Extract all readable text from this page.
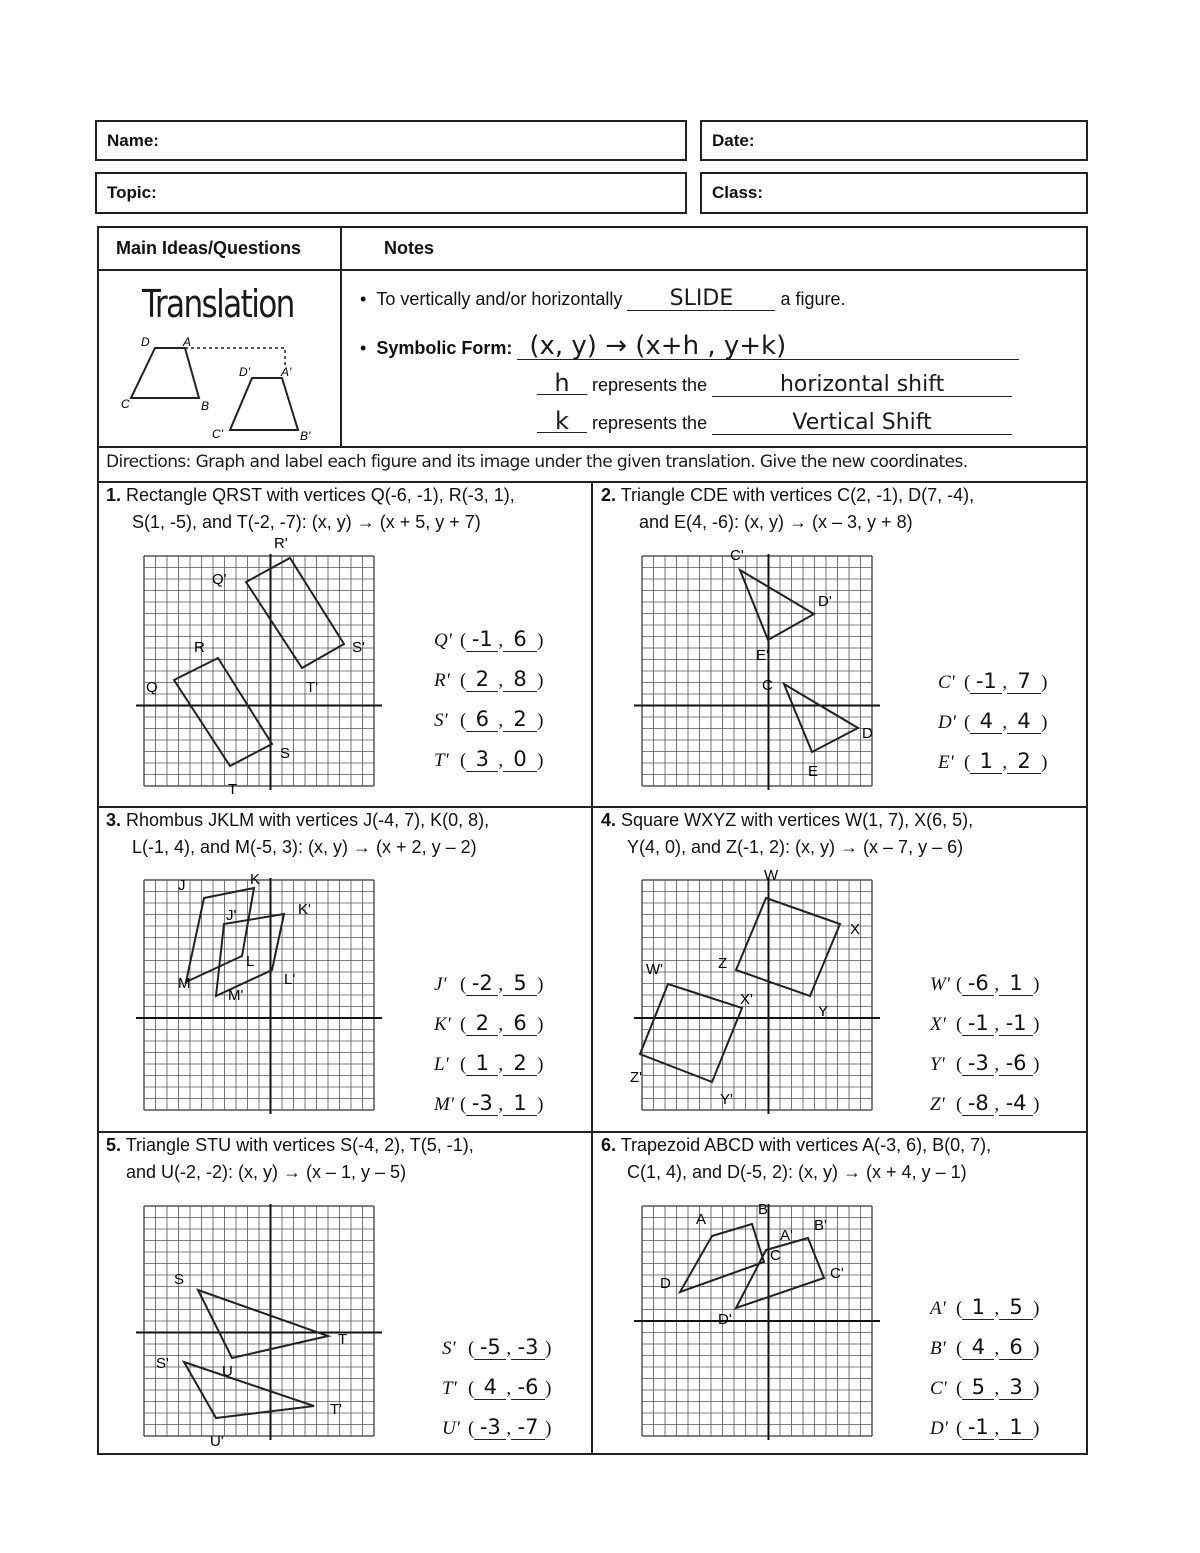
Name:	Date:
Topic:	Class:
Main Ideas/Questions	Notes
Translation
D	A
D'	A'
C	B
C'	B'
•  To vertically and/or horizontally SLIDE	a figure.
•  Symbolic Form: (x, y) → (x+h , y+k)
h represents the	horizontal shift
k represents the	Vertical Shift
Directions: Graph and label each figure and its image under the given translation. Give the new coordinates.
1. Rectangle QRST with vertices Q(-6, -1), R(-3, 1),
S(1, -5), and T(-2, -7): (x, y) → (x + 5, y + 7)
2. Triangle CDE with vertices C(2, -1), D(7, -4),
and E(4, -6): (x, y) → (x – 3, y + 8)
3. Rhombus JKLM with vertices J(-4, 7), K(0, 8),
L(-1, 4), and M(-5, 3): (x, y) → (x + 2, y – 2)
4. Square WXYZ with vertices W(1, 7), X(6, 5),
Y(4, 0), and Z(-1, 2): (x, y) → (x – 7, y – 6)
5. Triangle STU with vertices S(-4, 2), T(5, -1),
and U(-2, -2): (x, y) → (x – 1, y – 5)
6. Trapezoid ABCD with vertices A(-3, 6), B(0, 7),
C(1, 4), and D(-5, 2): (x, y) → (x + 4, y – 1)
Q
R
S
T
Q'
R'
S'
T'	C
D
E
C'
D'
E'
J	K
L
M
J'	K'
L'
M'
W
X
Y
Z
W'
X'
Y'
Z'
S
T
U
S'
T'
U'
A
B
C
D
A'
B'
C'
D'
Q' ( -1 , 6 )
R' ( 2 , 8 )
S' ( 6 , 2 )
T' ( 3 , 0 )
C' ( -1 , 7 )
D' ( 4 , 4 )
E' ( 1 , 2 )
J' ( -2 , 5 )
K' ( 2 , 6 )
L' ( 1 , 2 )
M' ( -3 , 1 )
W' ( -6 , 1 )
X' ( -1 , -1 )
Y' ( -3 , -6 )
Z' ( -8 , -4 )
S' ( -5 , -3 )
T' ( 4 , -6 )
U' ( -3 , -7 )
A' ( 1 , 5 )
B' ( 4 , 6 )
C' ( 5 , 3 )
D' ( -1 , 1 )
